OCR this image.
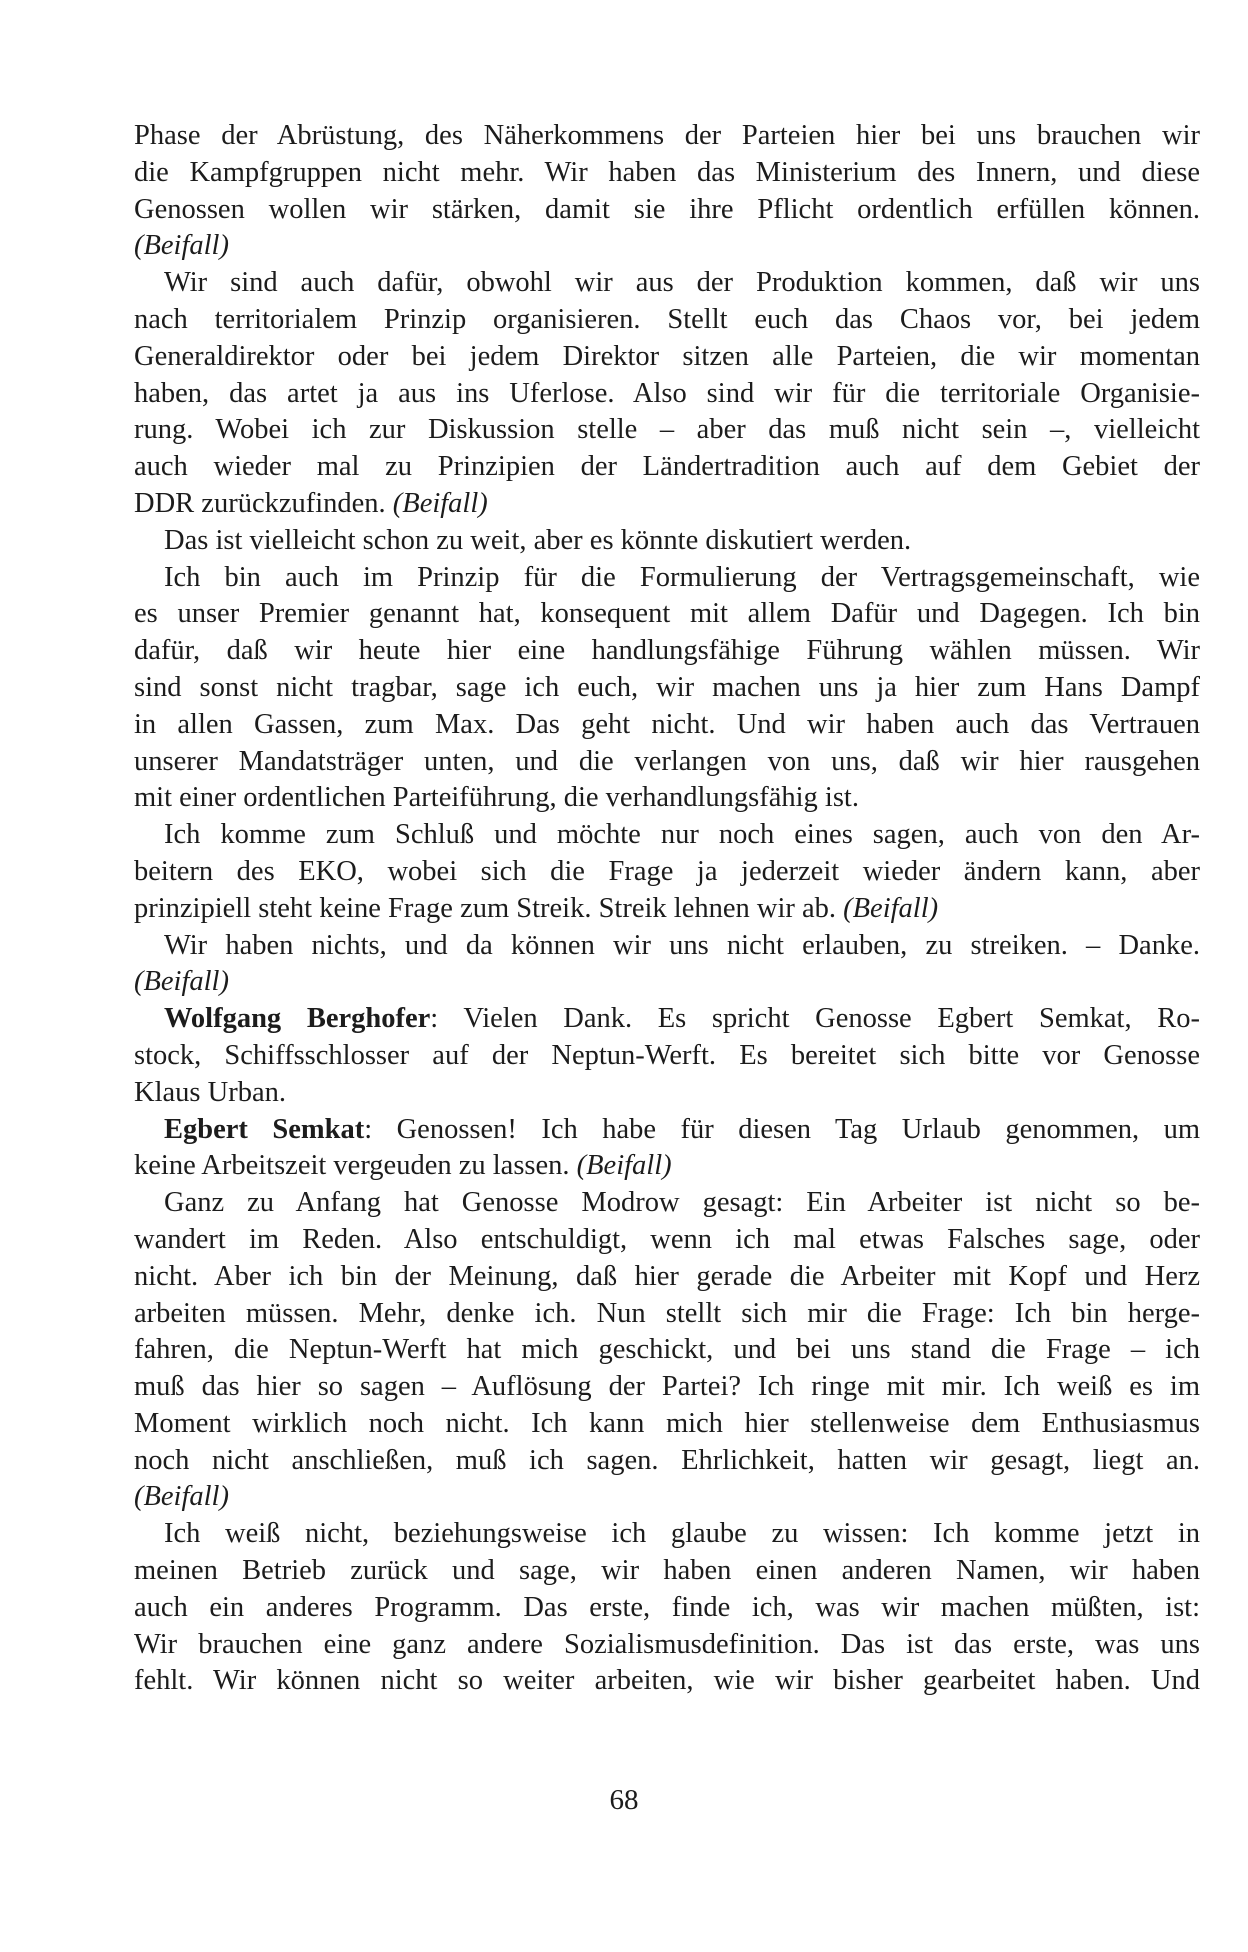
Phase der Abrüstung, des Näherkommens der Parteien hier bei uns brauchen wir
die Kampfgruppen nicht mehr. Wir haben das Ministerium des Innern, und diese
Genossen wollen wir stärken, damit sie ihre Pflicht ordentlich erfüllen können.
(Beifall)
Wir sind auch dafür, obwohl wir aus der Produktion kommen, daß wir uns
nach territorialem Prinzip organisieren. Stellt euch das Chaos vor, bei jedem
Generaldirektor oder bei jedem Direktor sitzen alle Parteien, die wir momentan
haben, das artet ja aus ins Uferlose. Also sind wir für die territoriale Organisie-
rung. Wobei ich zur Diskussion stelle – aber das muß nicht sein –, vielleicht
auch wieder mal zu Prinzipien der Ländertradition auch auf dem Gebiet der
DDR zurückzufinden. (Beifall)
Das ist vielleicht schon zu weit, aber es könnte diskutiert werden.
Ich bin auch im Prinzip für die Formulierung der Vertragsgemeinschaft, wie
es unser Premier genannt hat, konsequent mit allem Dafür und Dagegen. Ich bin
dafür, daß wir heute hier eine handlungsfähige Führung wählen müssen. Wir
sind sonst nicht tragbar, sage ich euch, wir machen uns ja hier zum Hans Dampf
in allen Gassen, zum Max. Das geht nicht. Und wir haben auch das Vertrauen
unserer Mandatsträger unten, und die verlangen von uns, daß wir hier rausgehen
mit einer ordentlichen Parteiführung, die verhandlungsfähig ist.
Ich komme zum Schluß und möchte nur noch eines sagen, auch von den Ar-
beitern des EKO, wobei sich die Frage ja jederzeit wieder ändern kann, aber
prinzipiell steht keine Frage zum Streik. Streik lehnen wir ab. (Beifall)
Wir haben nichts, und da können wir uns nicht erlauben, zu streiken. – Danke.
(Beifall)
Wolfgang Berghofer: Vielen Dank. Es spricht Genosse Egbert Semkat, Ro-
stock, Schiffsschlosser auf der Neptun-Werft. Es bereitet sich bitte vor Genosse
Klaus Urban.
Egbert Semkat: Genossen! Ich habe für diesen Tag Urlaub genommen, um
keine Arbeitszeit vergeuden zu lassen. (Beifall)
Ganz zu Anfang hat Genosse Modrow gesagt: Ein Arbeiter ist nicht so be-
wandert im Reden. Also entschuldigt, wenn ich mal etwas Falsches sage, oder
nicht. Aber ich bin der Meinung, daß hier gerade die Arbeiter mit Kopf und Herz
arbeiten müssen. Mehr, denke ich. Nun stellt sich mir die Frage: Ich bin herge-
fahren, die Neptun-Werft hat mich geschickt, und bei uns stand die Frage – ich
muß das hier so sagen – Auflösung der Partei? Ich ringe mit mir. Ich weiß es im
Moment wirklich noch nicht. Ich kann mich hier stellenweise dem Enthusiasmus
noch nicht anschließen, muß ich sagen. Ehrlichkeit, hatten wir gesagt, liegt an.
(Beifall)
Ich weiß nicht, beziehungsweise ich glaube zu wissen: Ich komme jetzt in
meinen Betrieb zurück und sage, wir haben einen anderen Namen, wir haben
auch ein anderes Programm. Das erste, finde ich, was wir machen müßten, ist:
Wir brauchen eine ganz andere Sozialismusdefinition. Das ist das erste, was uns
fehlt. Wir können nicht so weiter arbeiten, wie wir bisher gearbeitet haben. Und
68
